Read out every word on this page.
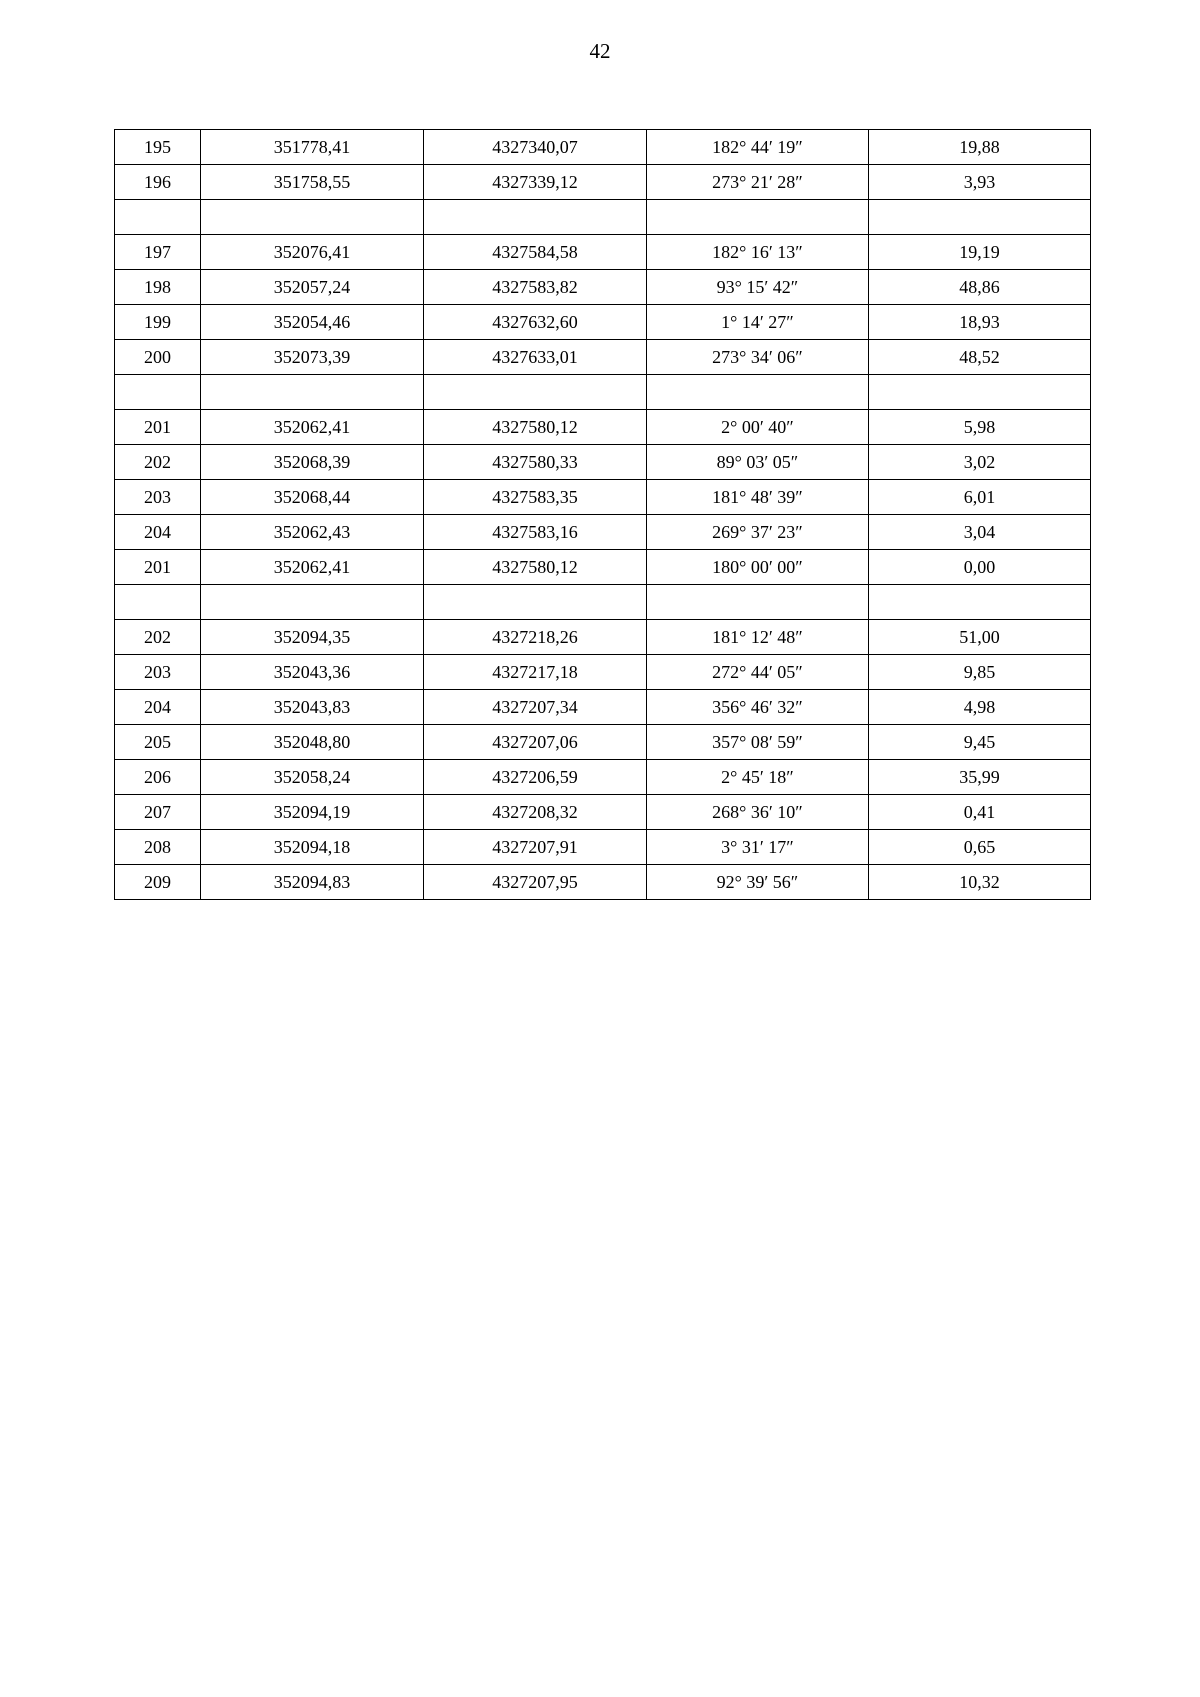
42
195	351778,41	4327340,07	182° 44′ 19″	19,88
196	351758,55	4327339,12	273° 21′ 28″	3,93

197	352076,41	4327584,58	182° 16′ 13″	19,19
198	352057,24	4327583,82	93° 15′ 42″	48,86
199	352054,46	4327632,60	1° 14′ 27″	18,93
200	352073,39	4327633,01	273° 34′ 06″	48,52

201	352062,41	4327580,12	2° 00′ 40″	5,98
202	352068,39	4327580,33	89° 03′ 05″	3,02
203	352068,44	4327583,35	181° 48′ 39″	6,01
204	352062,43	4327583,16	269° 37′ 23″	3,04
201	352062,41	4327580,12	180° 00′ 00″	0,00

202	352094,35	4327218,26	181° 12′ 48″	51,00
203	352043,36	4327217,18	272° 44′ 05″	9,85
204	352043,83	4327207,34	356° 46′ 32″	4,98
205	352048,80	4327207,06	357° 08′ 59″	9,45
206	352058,24	4327206,59	2° 45′ 18″	35,99
207	352094,19	4327208,32	268° 36′ 10″	0,41
208	352094,18	4327207,91	3° 31′ 17″	0,65
209	352094,83	4327207,95	92° 39′ 56″	10,32
